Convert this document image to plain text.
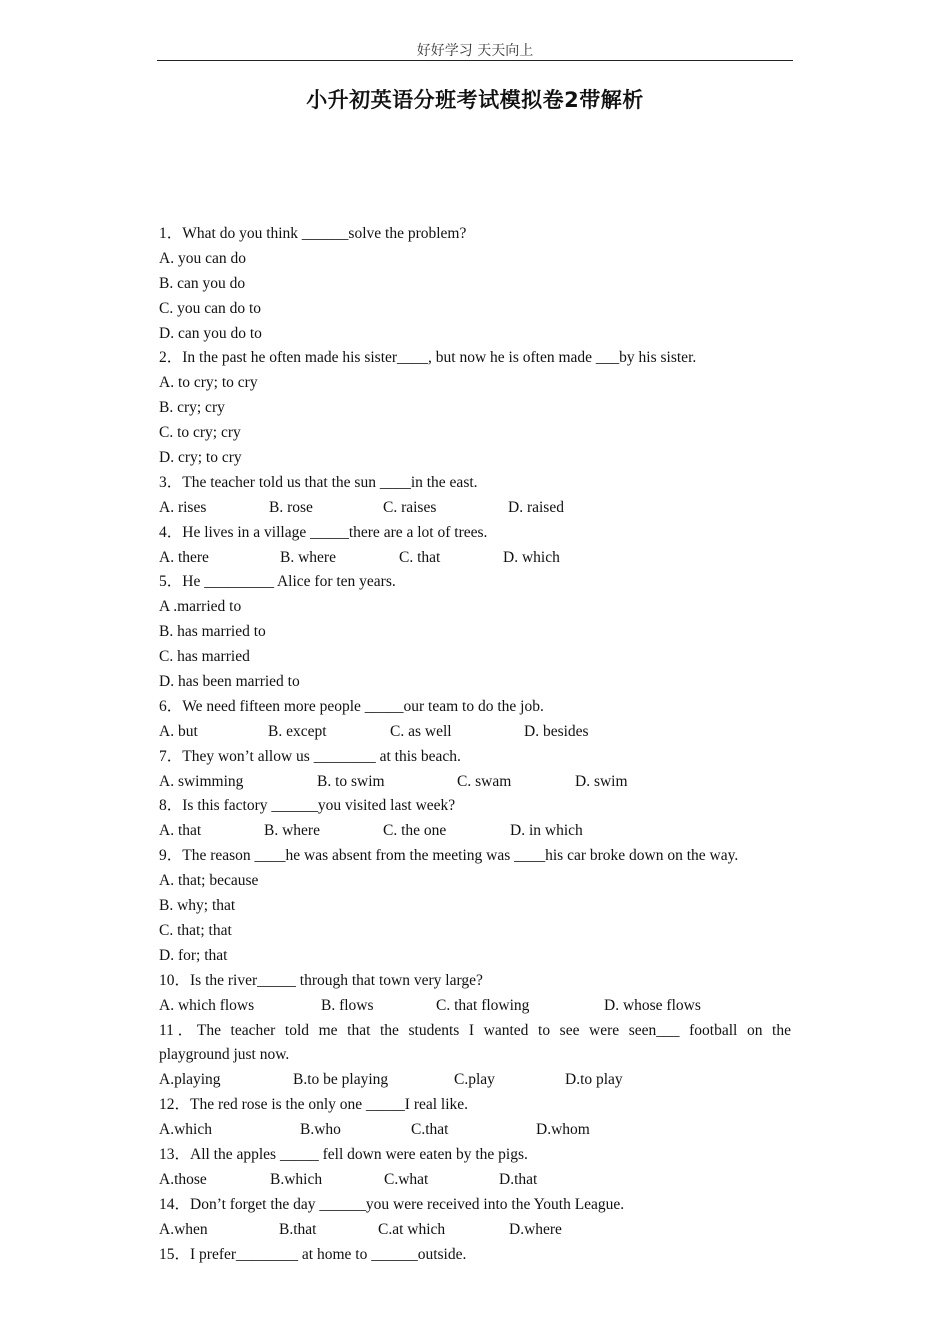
好好学习 天天向上
小升初英语分班考试模拟卷2带解析
1．What do you think ______solve the problem?
A. you can do
B. can you do
C. you can do to
D. can you do to
2．In the past he often made his sister____, but now he is often made ___by his sister.
A. to cry; to cry
B. cry; cry
C. to cry; cry
D. cry; to cry
3．The teacher told us that the sun ____in the east.
A. rises	B. rose	C. raises	D. raised
4．He lives in a village _____there are a lot of trees.
A. there	B. where	C. that	D. which
5．He _________ Alice for ten years.
A .married to
B. has married to
C. has married
D. has been married to
6．We need fifteen more people _____our team to do the job.
A. but	B. except	C. as well	D. besides
7．They won’t allow us ________ at this beach.
A. swimming	B. to swim	C. swam	D. swim
8．Is this factory ______you visited last week?
A. that	B. where	C. the one	D. in which
9．The reason ____he was absent from the meeting was ____his car broke down on the way.
A. that; because
B. why; that
C. that; that
D. for; that
10．Is the river_____ through that town very large?
A. which flows	B. flows	C. that flowing	D. whose flows
11．The teacher told me that the students I wanted to see were seen___ football on the
playground just now.
A.playing	B.to be playing	C.play	D.to play
12．The red rose is the only one _____I real like.
A.which	B.who	C.that	D.whom
13．All the apples _____ fell down were eaten by the pigs.
A.those	B.which	C.what	D.that
14．Don’t forget the day ______you were received into the Youth League.
A.when	B.that	C.at which	D.where
15．I prefer________ at home to ______outside.
